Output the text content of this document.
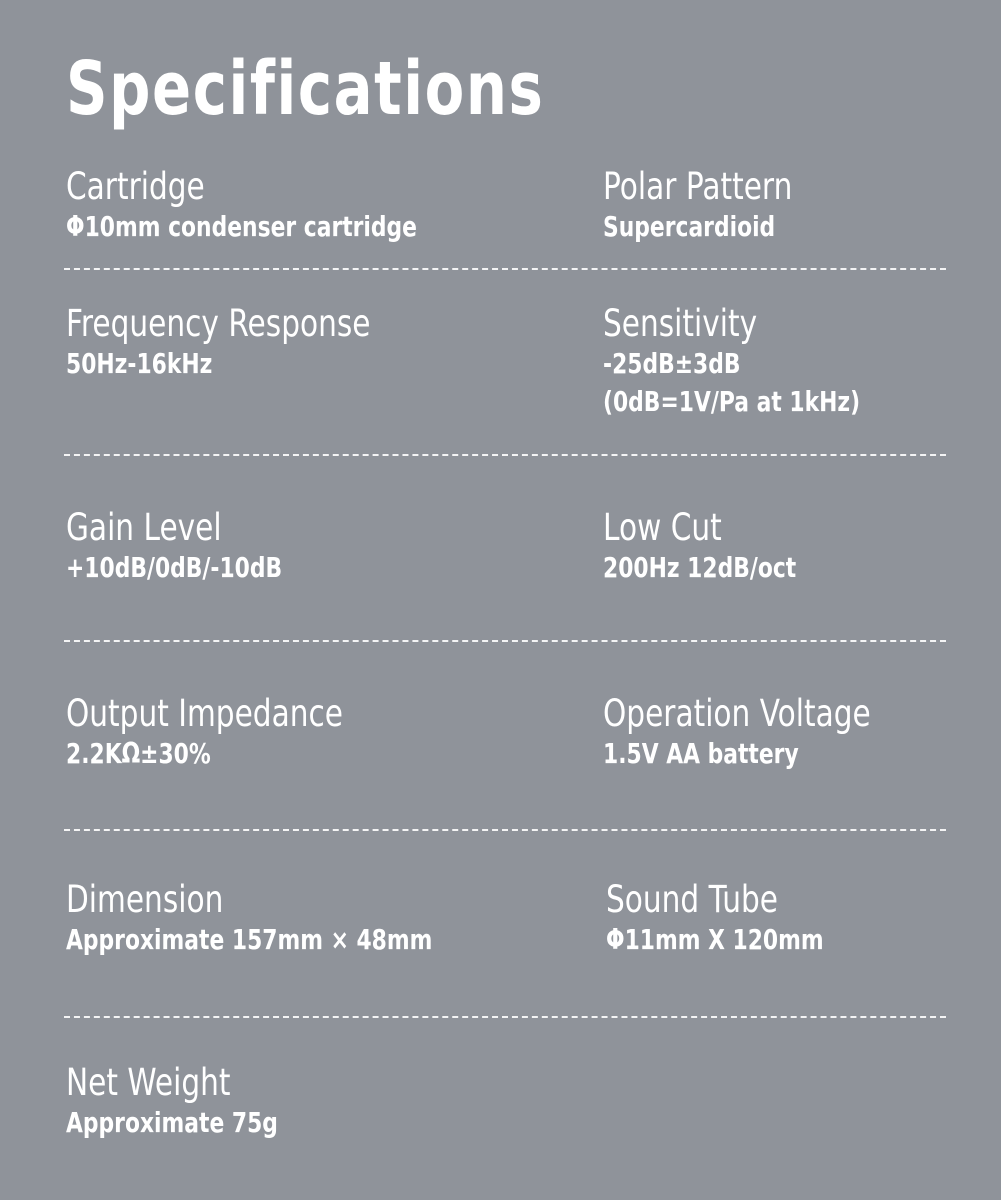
Specifications
Cartridge
Φ10mm condenser cartridge
Polar Pattern
Supercardioid
Frequency Response
50Hz-16kHz
Sensitivity
-25dB±3dB
(0dB=1V/Pa at 1kHz)
Gain Level
+10dB/0dB/-10dB
Low Cut
200Hz 12dB/oct
Output Impedance
2.2KΩ±30%
Operation Voltage
1.5V AA battery
Dimension
Approximate 157mm × 48mm
Sound Tube
Φ11mm X 120mm
Net Weight
Approximate 75g
